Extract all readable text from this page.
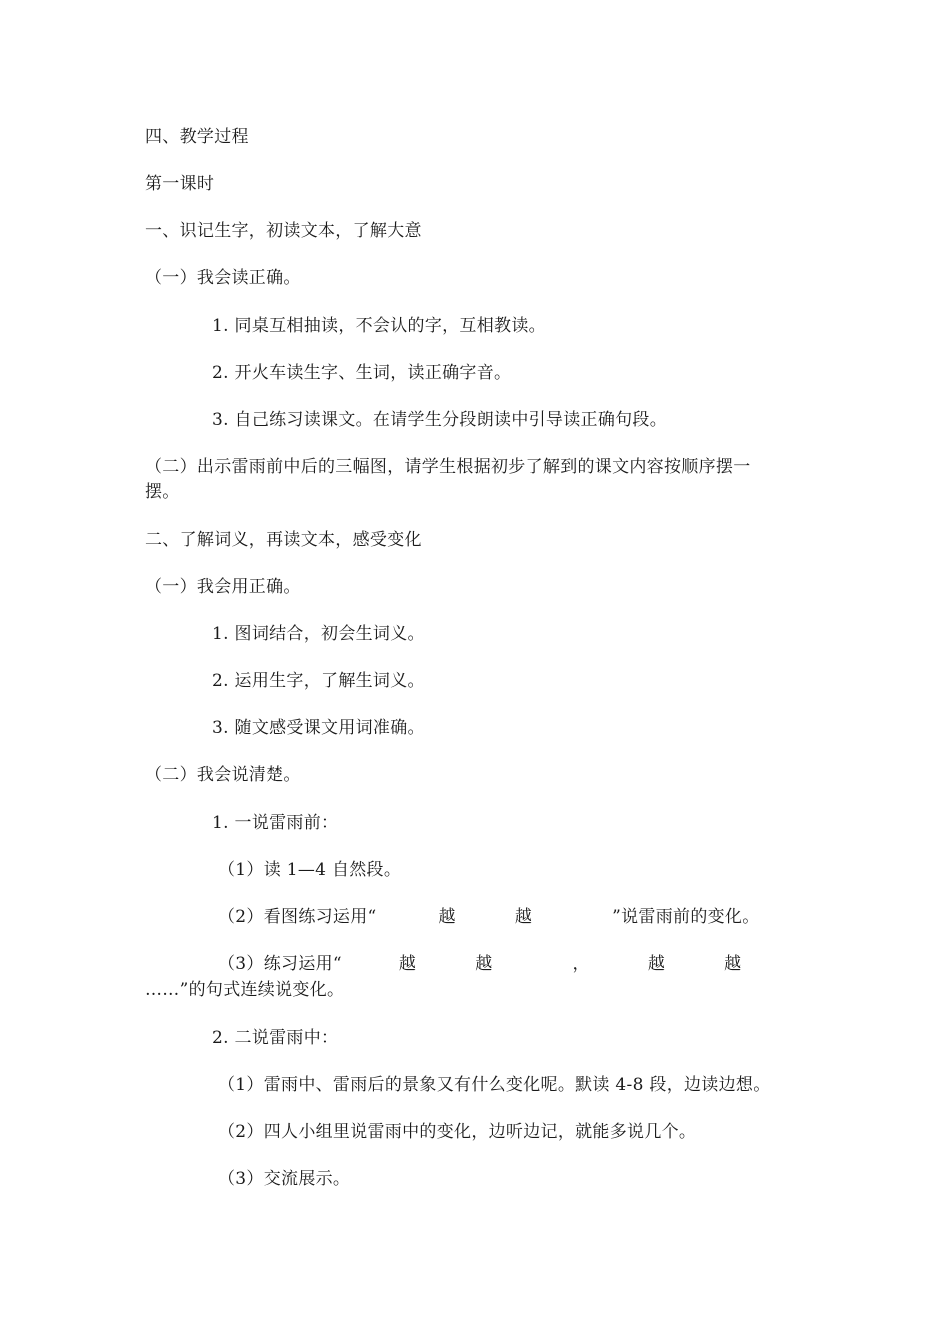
四、教学过程
第一课时
一、识记生字，初读文本，了解大意
（一）我会读正确。
1. 同桌互相抽读，不会认的字，互相教读。
2. 开火车读生字、生词，读正确字音。
3. 自己练习读课文。在请学生分段朗读中引导读正确句段。
（二）出示雷雨前中后的三幅图，请学生根据初步了解到的课文内容按顺序摆一
摆。
二、了解词义，再读文本，感受变化
（一）我会用正确。
1. 图词结合，初会生词义。
2. 运用生字，了解生词义。
3. 随文感受课文用词准确。
（二）我会说清楚。
1. 一说雷雨前：
（1）读 1—4 自然段。
（2）看图练习运用“	越	越	”说雷雨前的变化。
（3）练习运用“	越	越	，	越	越
……”的句式连续说变化。
2. 二说雷雨中：
（1）雷雨中、雷雨后的景象又有什么变化呢。默读 4-8 段，边读边想。
（2）四人小组里说雷雨中的变化，边听边记，就能多说几个。
（3）交流展示。
